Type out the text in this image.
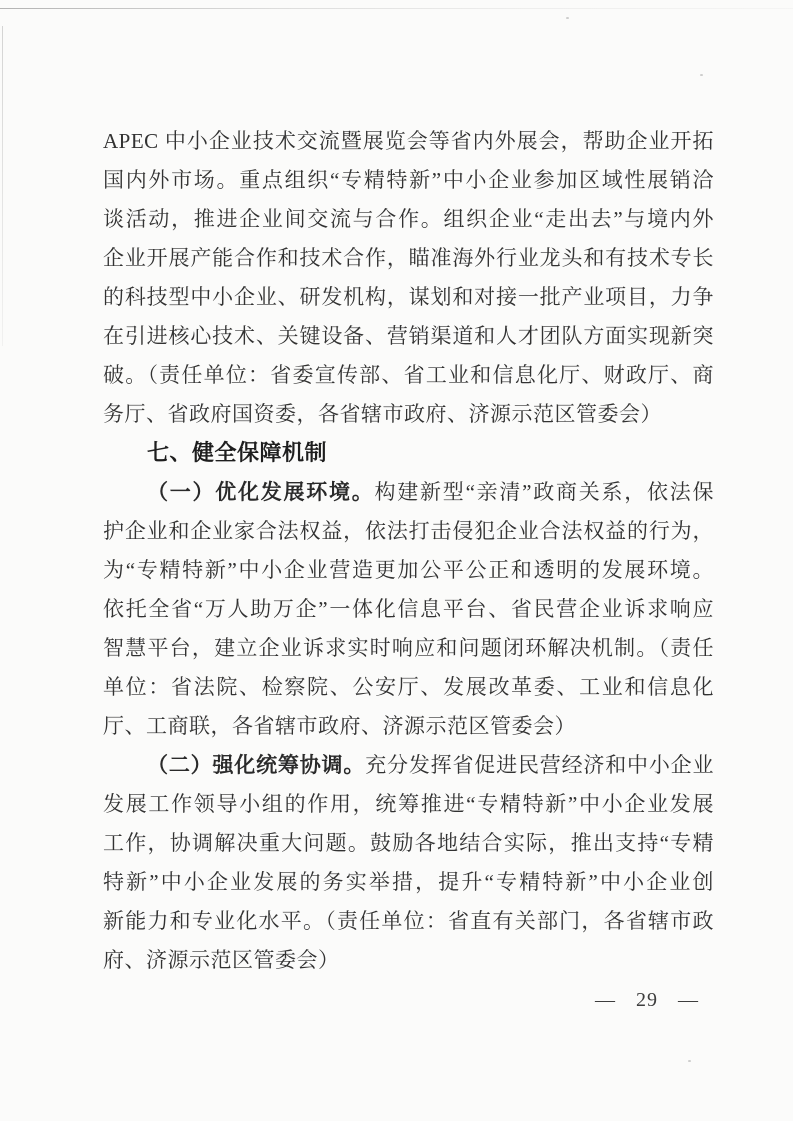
APEC 中小企业技术交流暨展览会等省内外展会，帮助企业开拓
国内外市场。重点组织“专精特新”中小企业参加区域性展销洽
谈活动，推进企业间交流与合作。组织企业“走出去”与境内外
企业开展产能合作和技术合作，瞄准海外行业龙头和有技术专长
的科技型中小企业、研发机构，谋划和对接一批产业项目，力争
在引进核心技术、关键设备、营销渠道和人才团队方面实现新突
破。（责任单位：省委宣传部、省工业和信息化厅、财政厅、商
务厅、省政府国资委，各省辖市政府、济源示范区管委会）
七、健全保障机制
（一）优化发展环境。构建新型“亲清”政商关系，依法保
护企业和企业家合法权益，依法打击侵犯企业合法权益的行为，
为“专精特新”中小企业营造更加公平公正和透明的发展环境。
依托全省“万人助万企”一体化信息平台、省民营企业诉求响应
智慧平台，建立企业诉求实时响应和问题闭环解决机制。（责任
单位：省法院、检察院、公安厅、发展改革委、工业和信息化
厅、工商联，各省辖市政府、济源示范区管委会）
（二）强化统筹协调。充分发挥省促进民营经济和中小企业
发展工作领导小组的作用，统筹推进“专精特新”中小企业发展
工作，协调解决重大问题。鼓励各地结合实际，推出支持“专精
特新”中小企业发展的务实举措，提升“专精特新”中小企业创
新能力和专业化水平。（责任单位：省直有关部门，各省辖市政
府、济源示范区管委会）
— 29 —
